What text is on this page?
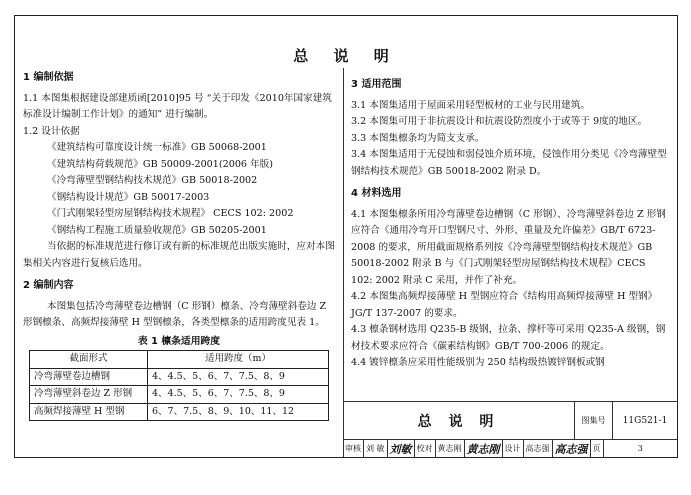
总 说 明
1 编制依据

1.1 本图集根据建设部建质函[2010]95 号 “关于印发《2010年国家建筑标准设计编制工作计划》的通知” 进行编制。

1.2 设计依据

《建筑结构可靠度设计统一标准》GB 50068-2001

《建筑结构荷载规范》GB 50009-2001(2006 年版)

《冷弯薄壁型钢结构技术规范》GB 50018-2002

《钢结构设计规范》GB 50017-2003

《门式刚架轻型房屋钢结构技术规程》 CECS 102: 2002

《钢结构工程施工质量验收规范》GB 50205-2001

当依据的标准规范进行修订或有新的标准规范出版实施时，应对本图集相关内容进行复核后选用。

2 编制内容

本图集包括冷弯薄壁卷边槽钢（C 形钢）檩条、冷弯薄壁斜卷边 Z 形钢檩条、高频焊接薄壁 H 型钢檩条，各类型檩条的适用跨度见表 1。

表 1 檩条适用跨度
截面形式	适用跨度（m）
冷弯薄壁卷边槽钢	4、4.5、5、6、7、7.5、8、9
冷弯薄壁斜卷边 Z 形钢	4、4.5、5、6、7、7.5、8、9
高频焊接薄壁 H 型钢	6、7、7.5、8、9、10、11、12
3 适用范围

3.1 本图集适用于屋面采用轻型板材的工业与民用建筑。

3.2 本图集可用于非抗震设计和抗震设防烈度小于或等于 9度的地区。

3.3 本图集檩条均为简支支承。

3.4 本图集适用于无侵蚀和弱侵蚀介质环境，侵蚀作用分类见《冷弯薄壁型钢结构技术规范》GB 50018-2002 附录 D。

4 材料选用

4.1 本图集檩条所用冷弯薄壁卷边槽钢（C 形钢）、冷弯薄壁斜卷边 Z 形钢应符合《通用冷弯开口型钢尺寸、外形、重量及允许偏差》GB/T 6723-2008 的要求，所用截面规格系列按《冷弯薄壁型钢结构技术规范》GB 50018-2002 附录 B 与《门式刚架轻型房屋钢结构技术规程》CECS 102: 2002 附录 C 采用，并作了补充。

4.2 本图集高频焊接薄壁 H 型钢应符合《结构用高频焊接薄壁 H 型钢》JG/T 137-2007 的要求。

4.3 檩条钢材选用 Q235-B 级钢，拉条、撑杆等可采用 Q235-A 级钢，钢材技术要求应符合《碳素结构钢》GB/T 700-2006 的规定。

4.4 镀锌檩条应采用性能级别为 250 结构级热镀锌钢板或钢

总 说 明	图集号	11G521-1
审核 刘 敏 刘敏 校对 黄志刚 黄志刚 设计 高志强 高志强 页	3
